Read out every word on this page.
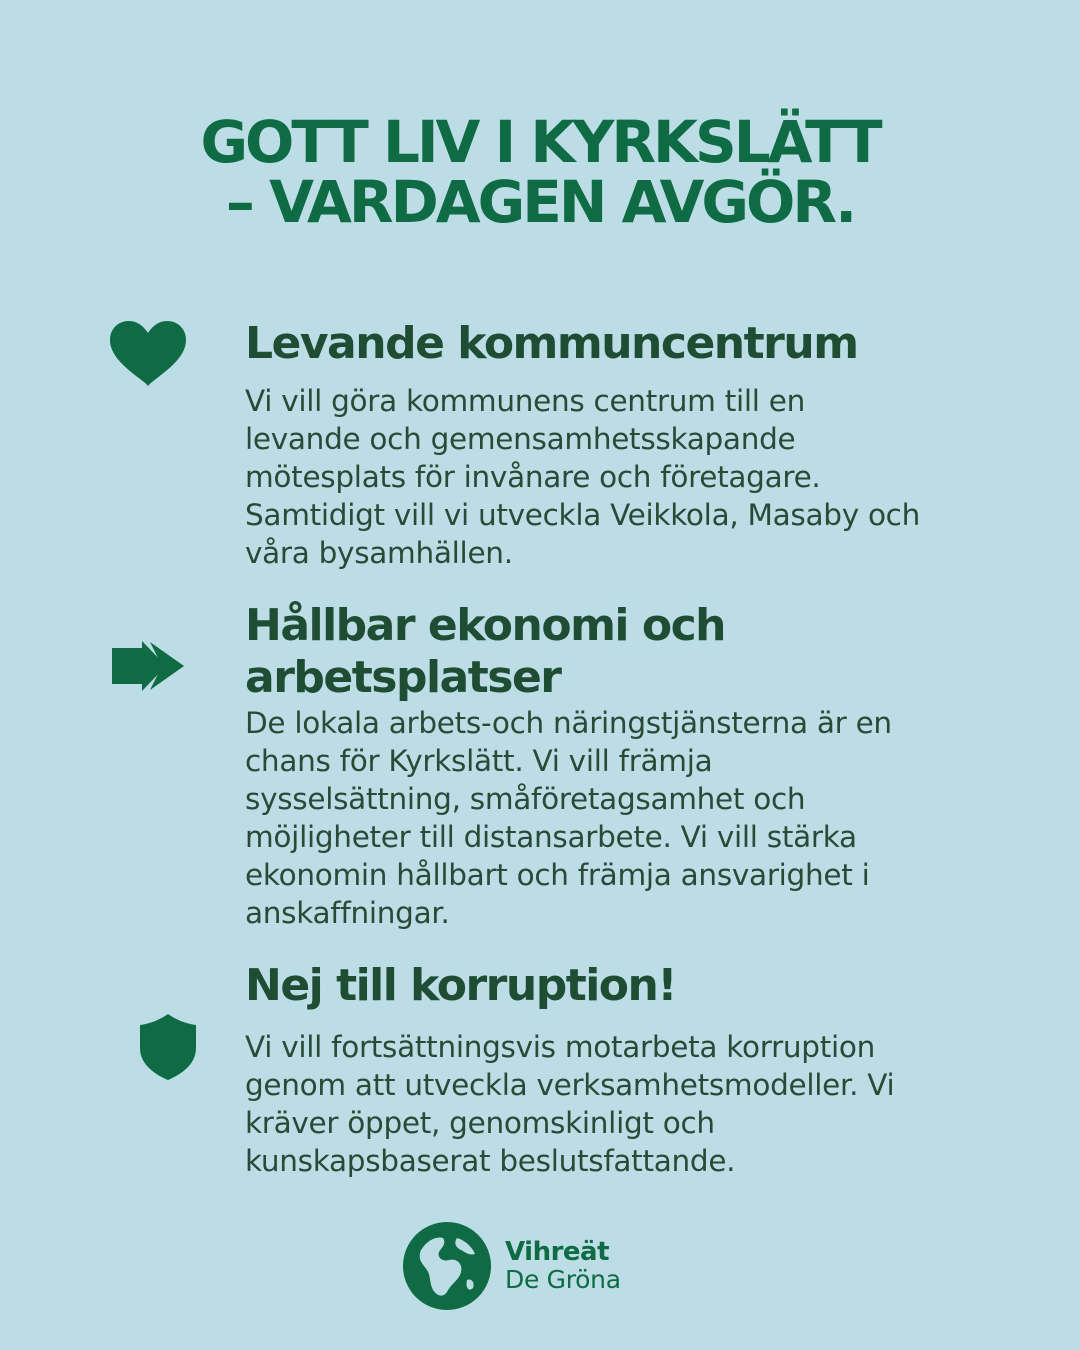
GOTT LIV I KYRKSLÄTT
– VARDAGEN AVGÖR.
Levande kommuncentrum
Vi vill göra kommunens centrum till en
levande och gemensamhetsskapande
mötesplats för invånare och företagare.
Samtidigt vill vi utveckla Veikkola, Masaby och
våra bysamhällen.
Hållbar ekonomi och
arbetsplatser
De lokala arbets-och näringstjänsterna är en
chans för Kyrkslätt. Vi vill främja
sysselsättning, småföretagsamhet och
möjligheter till distansarbete. Vi vill stärka
ekonomin hållbart och främja ansvarighet i
anskaffningar.
Nej till korruption!
Vi vill fortsättningsvis motarbeta korruption
genom att utveckla verksamhetsmodeller. Vi
kräver öppet, genomskinligt och
kunskapsbaserat beslutsfattande.
Vihreät
De Gröna
